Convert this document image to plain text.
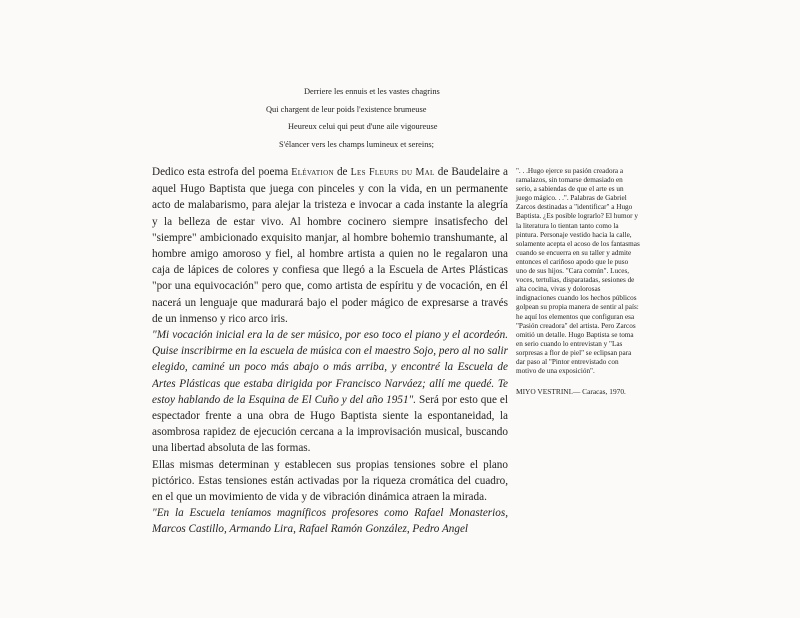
Derriere les ennuis et les vastes chagrins
Qui chargent de leur poids l'existence brumeuse
Heureux celui qui peut d'une aile vigoureuse
S'élancer vers les champs lumineux et sereins;

Dedico esta estrofa del poema Elévation de Les Fleurs du Mal de Baudelaire a aquel Hugo Baptista que juega con pinceles y con la vida, en un permanente acto de malabarismo, para alejar la tristeza e invocar a cada instante la alegría y la belleza de estar vivo. Al hombre cocinero siempre insatisfecho del "siempre" ambicionado exquisito manjar, al hombre bohemio transhumante, al hombre amigo amoroso y fiel, al hombre artista a quien no le regalaron una caja de lápices de colores y confiesa que llegó a la Escuela de Artes Plásticas "por una equivocación" pero que, como artista de espíritu y de vocación, en él nacerá un lenguaje que madurará bajo el poder mágico de expresarse a través de un inmenso y rico arco iris.

"Mi vocación inicial era la de ser músico, por eso toco el piano y el acordeón. Quise inscribirme en la escuela de música con el maestro Sojo, pero al no salir elegido, caminé un poco más abajo o más arriba, y encontré la Escuela de Artes Plásticas que estaba dirigida por Francisco Narváez; allí me quedé. Te estoy hablando de la Esquina de El Cuño y del año 1951". Será por esto que el espectador frente a una obra de Hugo Baptista siente la espontaneidad, la asombrosa rapidez de ejecución cercana a la improvisación musical, buscando una libertad absoluta de las formas.

Ellas mismas determinan y establecen sus propias tensiones sobre el plano pictórico. Estas tensiones están activadas por la riqueza cromática del cuadro, en el que un movimiento de vida y de vibración dinámica atraen la mirada.

"En la Escuela teníamos magníficos profesores como Rafael Monasterios, Marcos Castillo, Armando Lira, Rafael Ramón González, Pedro Angel

". . .Hugo ejerce su pasión creadora a ramalazos, sin tomarse demasiado en serio, a sabiendas de que el arte es un juego mágico. . .". Palabras de Gabriel Zarcos destinadas a "identificar" a Hugo Baptista. ¿Es posible lograrlo? El humor y la literatura lo tientan tanto como la pintura. Personaje vestido hacia la calle, solamente acepta el acoso de los fantasmas cuando se encuerra en su taller y admite entonces el cariñoso apodo que le puso uno de sus hijos. "Cara común". Luces, voces, tertulias, disparatadas, sesiones de alta cocina, vivas y dolorosas indignaciones cuando los hechos públicos golpean su propia manera de sentir al país: he aquí los elementos que configuran esa "Pasión creadora" del artista. Pero Zarcos omitió un detalle. Hugo Baptista se toma en serio cuando lo entrevistan y "Las sorpresas a flor de piel" se eclipsan para dar paso al "Pintor entrevistado con motivo de una exposición".

MIYO VESTRINI.— Caracas, 1970.
